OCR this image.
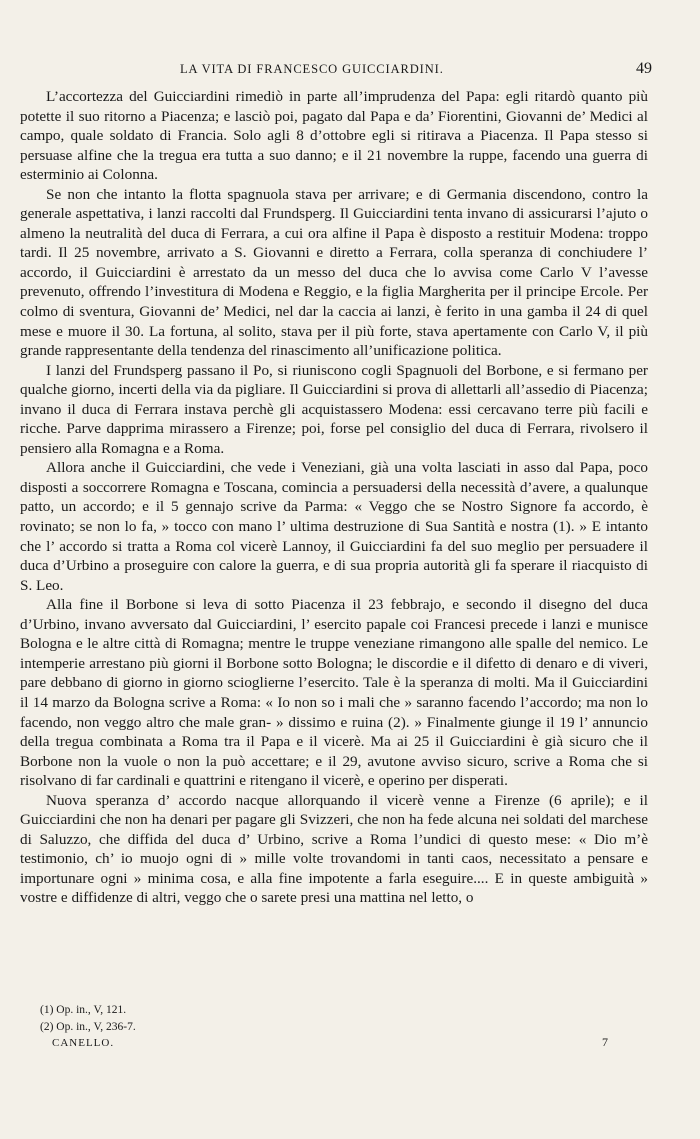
LA VITA DI FRANCESCO GUICCIARDINI.	49

L’accortezza del Guicciardini rimediò in parte all’imprudenza del Papa: egli ritardò quanto più potette il suo ritorno a Piacenza; e lasciò poi, pagato dal Papa e da’ Fiorentini, Giovanni de’ Medici al campo, quale soldato di Francia. Solo agli 8 d’ottobre egli si ritirava a Piacenza. Il Papa stesso si persuase alfine che la tregua era tutta a suo danno; e il 21 novembre la ruppe, facendo una guerra di esterminio ai Colonna.

Se non che intanto la flotta spagnuola stava per arrivare; e di Germania discendono, contro la generale aspettativa, i lanzi raccolti dal Frundsperg. Il Guicciardini tenta invano di assicurarsi l’ajuto o almeno la neutralità del duca di Ferrara, a cui ora alfine il Papa è disposto a restituir Modena: troppo tardi. Il 25 novembre, arrivato a S. Giovanni e diretto a Ferrara, colla speranza di conchiudere l’ accordo, il Guicciardini è arrestato da un messo del duca che lo avvisa come Carlo V l’avesse prevenuto, offrendo l’investitura di Modena e Reggio, e la figlia Margherita per il principe Ercole. Per colmo di sventura, Giovanni de’ Medici, nel dar la caccia ai lanzi, è ferito in una gamba il 24 di quel mese e muore il 30. La fortuna, al solito, stava per il più forte, stava apertamente con Carlo V, il più grande rappresentante della tendenza del rinascimento all’unificazione politica.

I lanzi del Frundsperg passano il Po, si riuniscono cogli Spagnuoli del Borbone, e si fermano per qualche giorno, incerti della via da pigliare. Il Guicciardini si prova di allettarli all’assedio di Piacenza; invano il duca di Ferrara instava perchè gli acquistassero Modena: essi cercavano terre più facili e ricche. Parve dapprima mirassero a Firenze; poi, forse pel consiglio del duca di Ferrara, rivolsero il pensiero alla Romagna e a Roma.

Allora anche il Guicciardini, che vede i Veneziani, già una volta lasciati in asso dal Papa, poco disposti a soccorrere Romagna e Toscana, comincia a persuadersi della necessità d’avere, a qualunque patto, un accordo; e il 5 gennajo scrive da Parma: « Veggo che se Nostro Signore fa accordo, è rovinato; se non lo fa, » tocco con mano l’ ultima destruzione di Sua Santità e nostra (1). » E intanto che l’ accordo si tratta a Roma col vicerè Lannoy, il Guicciardini fa del suo meglio per persuadere il duca d’Urbino a proseguire con calore la guerra, e di sua propria autorità gli fa sperare il riacquisto di S. Leo.

Alla fine il Borbone si leva di sotto Piacenza il 23 febbrajo, e secondo il disegno del duca d’Urbino, invano avversato dal Guicciardini, l’ esercito papale coi Francesi precede i lanzi e munisce Bologna e le altre città di Romagna; mentre le truppe veneziane rimangono alle spalle del nemico. Le intemperie arrestano più giorni il Borbone sotto Bologna; le discordie e il difetto di denaro e di viveri, pare debbano di giorno in giorno scioglierne l’esercito. Tale è la speranza di molti. Ma il Guicciardini il 14 marzo da Bologna scrive a Roma: « Io non so i mali che » saranno facendo l’accordo; ma non lo facendo, non veggo altro che male gran- » dissimo e ruina (2). » Finalmente giunge il 19 l’ annuncio della tregua combinata a Roma tra il Papa e il vicerè. Ma ai 25 il Guicciardini è già sicuro che il Borbone non la vuole o non la può accettare; e il 29, avutone avviso sicuro, scrive a Roma che si risolvano di far cardinali e quattrini e ritengano il vicerè, e operino per disperati.

Nuova speranza d’ accordo nacque allorquando il vicerè venne a Firenze (6 aprile); e il Guicciardini che non ha denari per pagare gli Svizzeri, che non ha fede alcuna nei soldati del marchese di Saluzzo, che diffida del duca d’ Urbino, scrive a Roma l’undici di questo mese: « Dio m’è testimonio, ch’ io muojo ogni di » mille volte trovandomi in tanti caos, necessitato a pensare e importunare ogni » minima cosa, e alla fine impotente a farla eseguire.... E in queste ambiguità » vostre e diffidenze di altri, veggo che o sarete presi una mattina nel letto, o

(1) Op. in., V, 121.
(2) Op. in., V, 236-7.
CANELLO.	7
